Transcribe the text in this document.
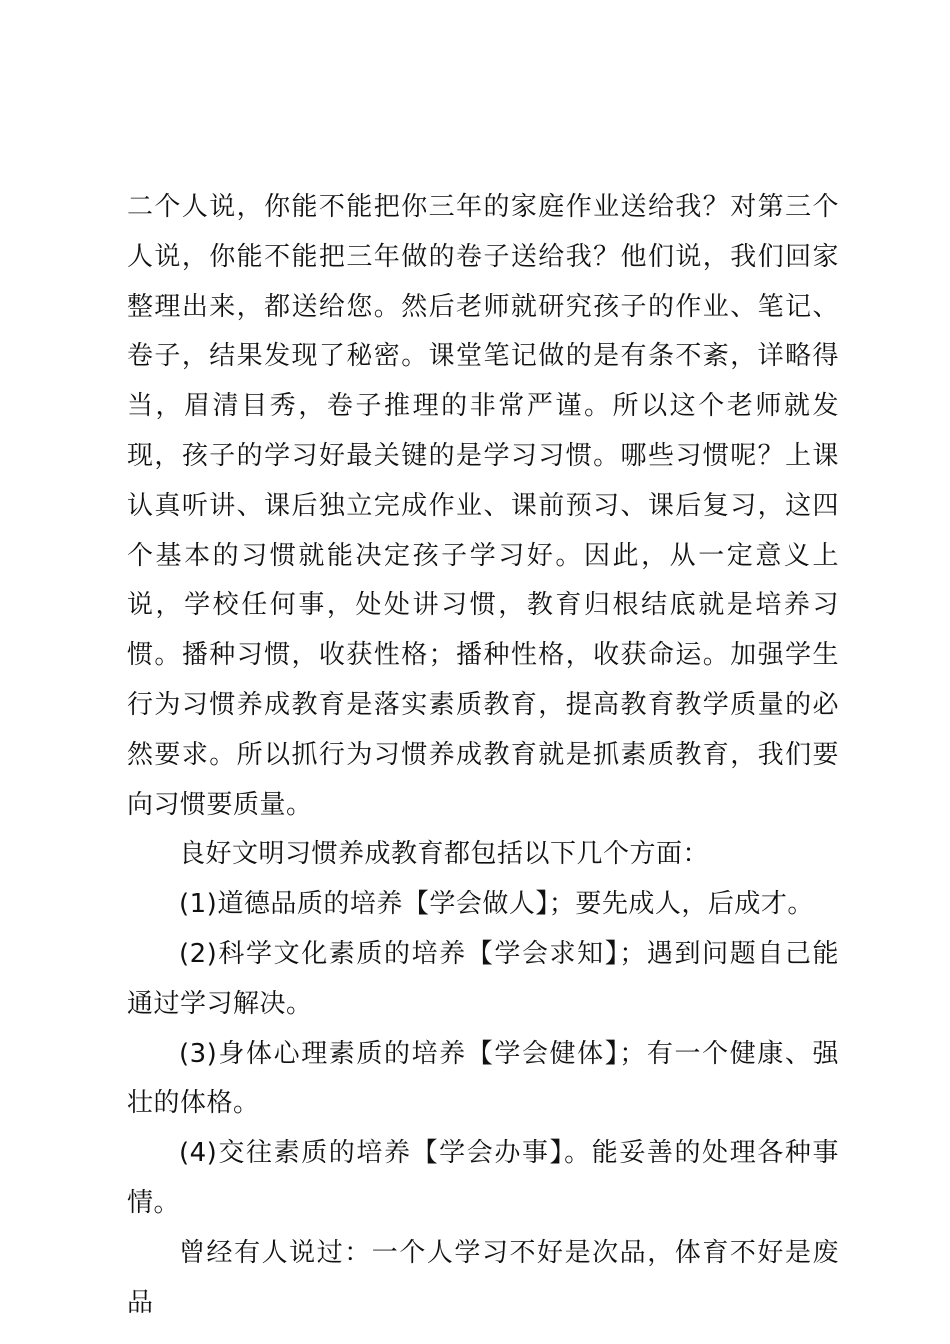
二个人说，你能不能把你三年的家庭作业送给我？对第三个人说，你能不能把三年做的卷子送给我？他们说，我们回家整理出来，都送给您。然后老师就研究孩子的作业、笔记、卷子，结果发现了秘密。课堂笔记做的是有条不紊，详略得当，眉清目秀，卷子推理的非常严谨。所以这个老师就发现，孩子的学习好最关键的是学习习惯。哪些习惯呢？上课认真听讲、课后独立完成作业、课前预习、课后复习，这四个基本的习惯就能决定孩子学习好。因此，从一定意义上说，学校任何事，处处讲习惯，教育归根结底就是培养习惯。播种习惯，收获性格；播种性格，收获命运。加强学生行为习惯养成教育是落实素质教育，提高教育教学质量的必然要求。所以抓行为习惯养成教育就是抓素质教育，我们要向习惯要质量。

良好文明习惯养成教育都包括以下几个方面：

(1)道德品质的培养【学会做人】；要先成人，后成才。

(2)科学文化素质的培养【学会求知】；遇到问题自己能通过学习解决。

(3)身体心理素质的培养【学会健体】；有一个健康、强壮的体格。

(4)交往素质的培养【学会办事】。能妥善的处理各种事情。

曾经有人说过：一个人学习不好是次品，体育不好是废品
